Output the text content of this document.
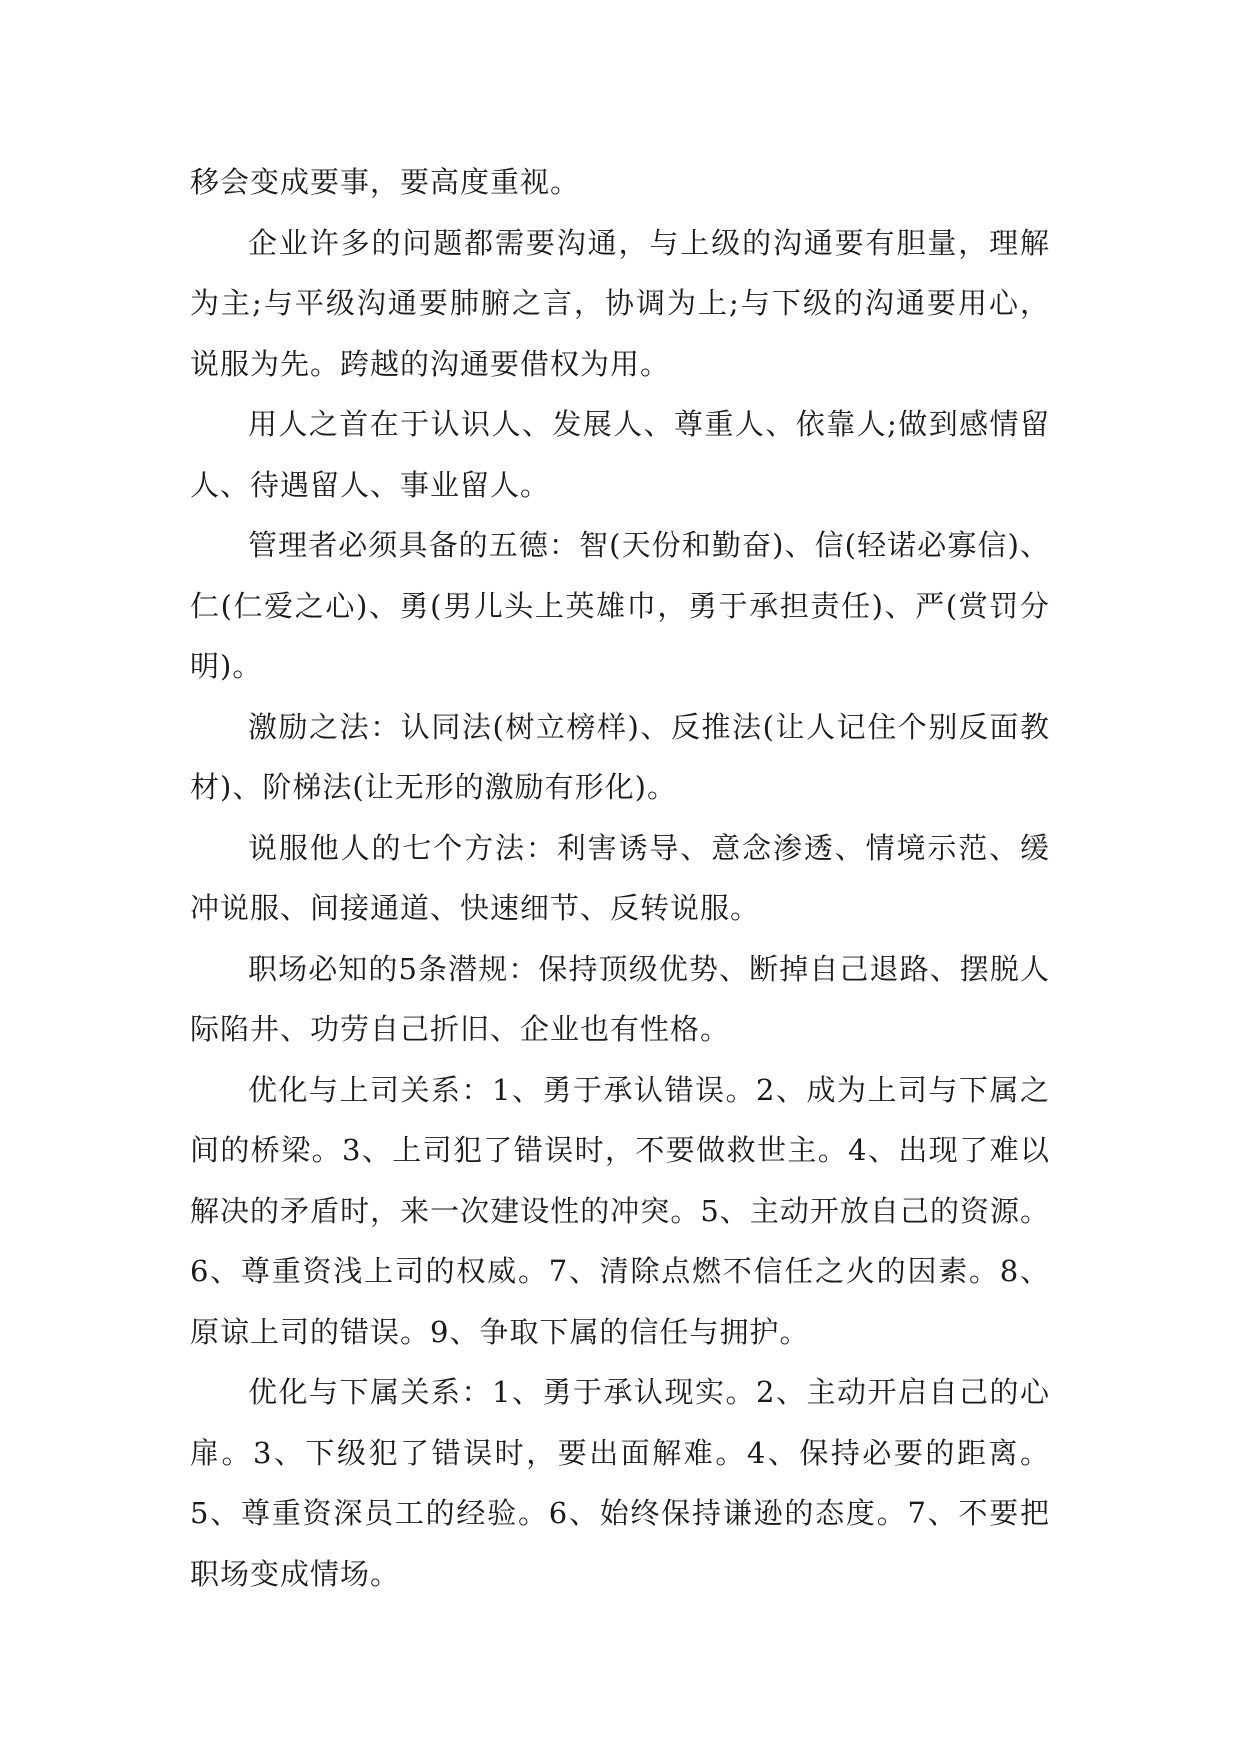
移会变成要事，要高度重视。

企业许多的问题都需要沟通，与上级的沟通要有胆量，理解为主;与平级沟通要肺腑之言，协调为上;与下级的沟通要用心，说服为先。跨越的沟通要借权为用。

用人之首在于认识人、发展人、尊重人、依靠人;做到感情留人、待遇留人、事业留人。

管理者必须具备的五德：智(天份和勤奋)、信(轻诺必寡信)、仁(仁爱之心)、勇(男儿头上英雄巾，勇于承担责任)、严(赏罚分明)。

激励之法：认同法(树立榜样)、反推法(让人记住个别反面教材)、阶梯法(让无形的激励有形化)。

说服他人的七个方法：利害诱导、意念渗透、情境示范、缓冲说服、间接通道、快速细节、反转说服。

职场必知的5条潜规：保持顶级优势、断掉自己退路、摆脱人际陷井、功劳自己折旧、企业也有性格。

优化与上司关系：1、勇于承认错误。2、成为上司与下属之间的桥梁。3、上司犯了错误时，不要做救世主。4、出现了难以解决的矛盾时，来一次建设性的冲突。5、主动开放自己的资源。6、尊重资浅上司的权威。7、清除点燃不信任之火的因素。8、原谅上司的错误。9、争取下属的信任与拥护。

优化与下属关系：1、勇于承认现实。2、主动开启自己的心扉。3、下级犯了错误时，要出面解难。4、保持必要的距离。5、尊重资深员工的经验。6、始终保持谦逊的态度。7、不要把职场变成情场。
